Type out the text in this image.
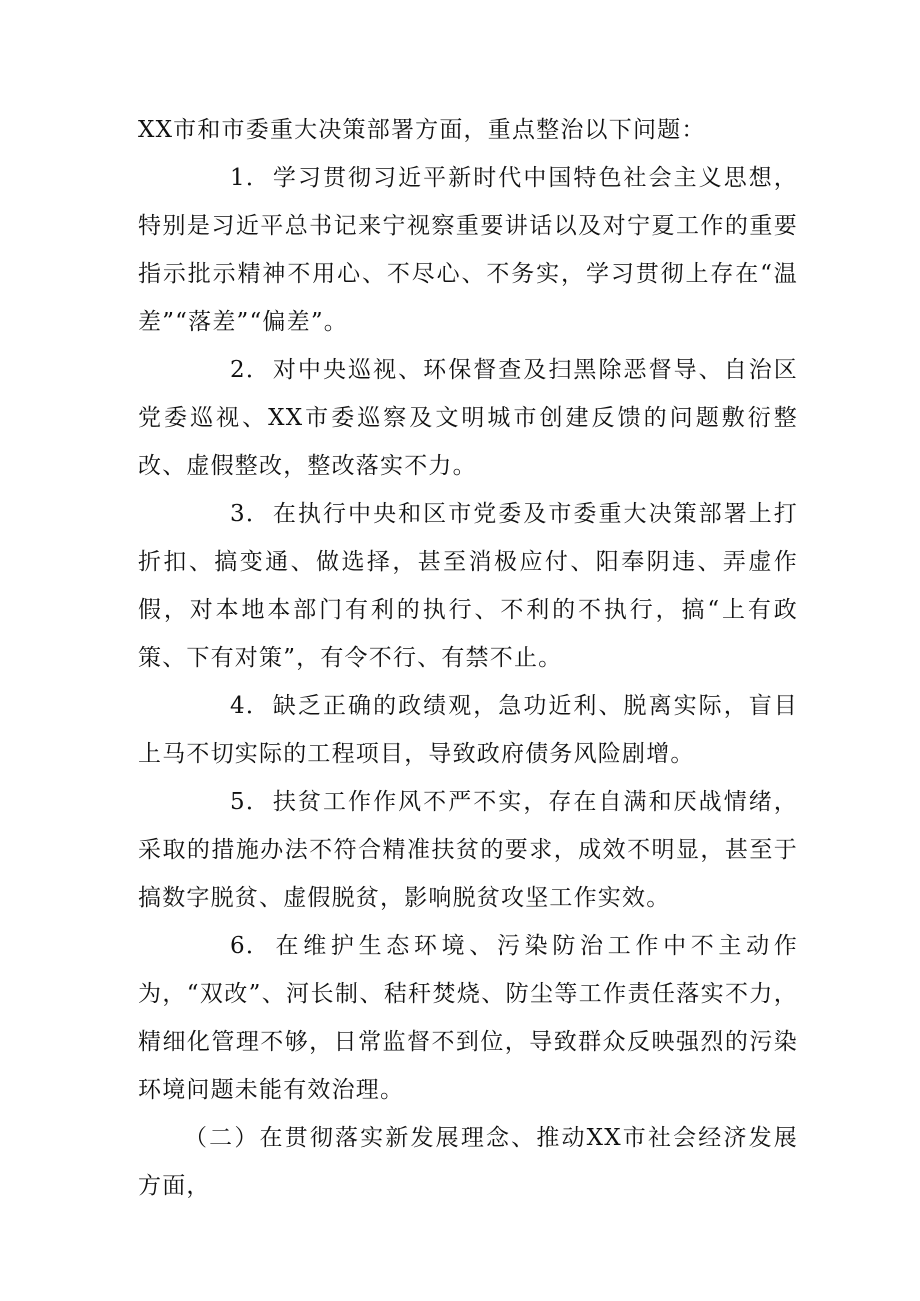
XX市和市委重大决策部署方面，重点整治以下问题：

1．学习贯彻习近平新时代中国特色社会主义思想，特别是习近平总书记来宁视察重要讲话以及对宁夏工作的重要指示批示精神不用心、不尽心、不务实，学习贯彻上存在“温差”“落差”“偏差”。

2．对中央巡视、环保督查及扫黑除恶督导、自治区党委巡视、XX市委巡察及文明城市创建反馈的问题敷衍整改、虚假整改，整改落实不力。

3．在执行中央和区市党委及市委重大决策部署上打折扣、搞变通、做选择，甚至消极应付、阳奉阴违、弄虚作假，对本地本部门有利的执行、不利的不执行，搞“上有政策、下有对策”，有令不行、有禁不止。

4．缺乏正确的政绩观，急功近利、脱离实际，盲目上马不切实际的工程项目，导致政府债务风险剧增。

5．扶贫工作作风不严不实，存在自满和厌战情绪，采取的措施办法不符合精准扶贫的要求，成效不明显，甚至于搞数字脱贫、虚假脱贫，影响脱贫攻坚工作实效。

6．在维护生态环境、污染防治工作中不主动作为，“双改”、河长制、秸秆焚烧、防尘等工作责任落实不力，精细化管理不够，日常监督不到位，导致群众反映强烈的污染环境问题未能有效治理。

（二）在贯彻落实新发展理念、推动XX市社会经济发展方面，
